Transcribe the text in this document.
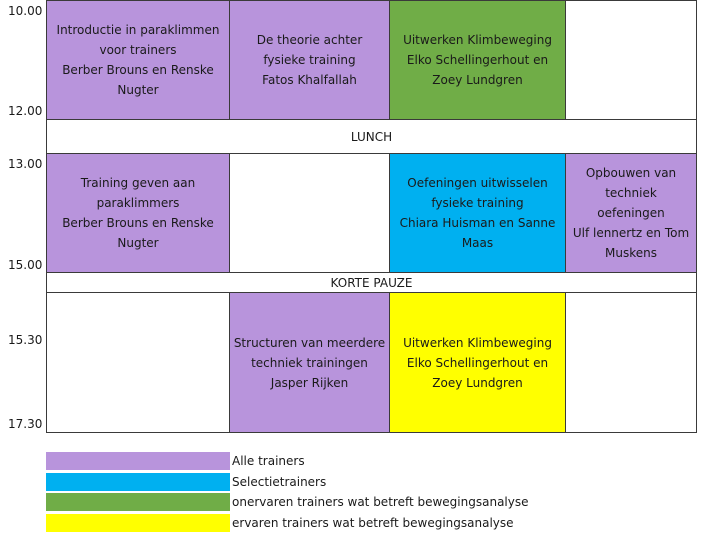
10.00
12.00
13.00
15.00
15.30
17.30
Introductie in paraklimmen
voor trainers
Berber Brouns en Renske
Nugter
De theorie achter
fysieke training
Fatos Khalfallah
Uitwerken Klimbeweging
Elko Schellingerhout en
Zoey Lundgren
LUNCH
Training geven aan
paraklimmers
Berber Brouns en Renske
Nugter
Oefeningen uitwisselen
fysieke training
Chiara Huisman en Sanne
Maas
Opbouwen van
techniek
oefeningen
Ulf lennertz en Tom
Muskens
KORTE PAUZE
Structuren van meerdere
techniek trainingen
Jasper Rijken
Uitwerken Klimbeweging
Elko Schellingerhout en
Zoey Lundgren
Alle trainers
Selectietrainers
onervaren trainers wat betreft bewegingsanalyse
ervaren trainers wat betreft bewegingsanalyse
